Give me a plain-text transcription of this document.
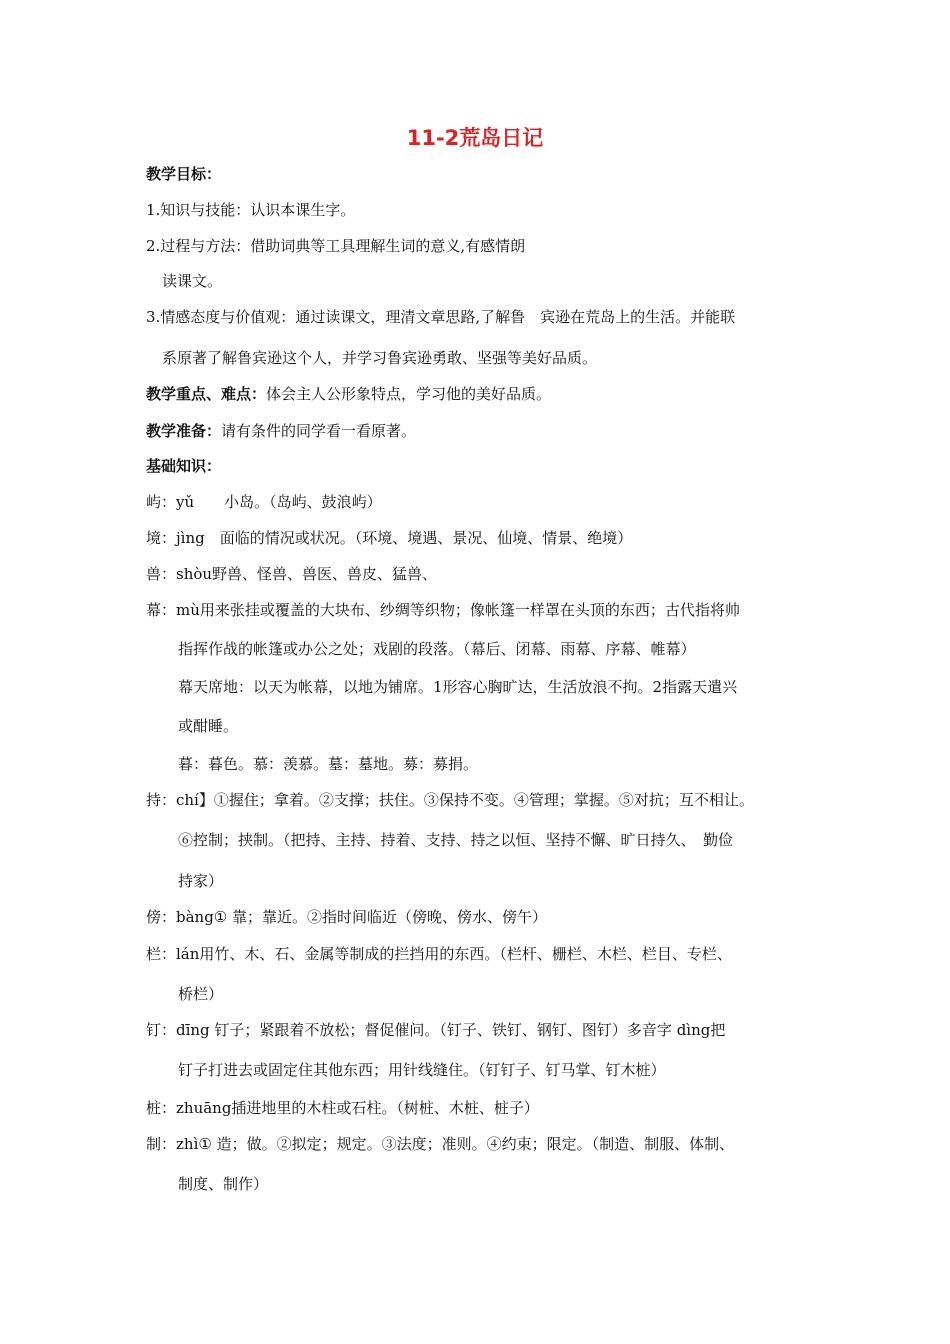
11-2荒岛日记
教学目标：
1.知识与技能：认识本课生字。
2.过程与方法：借助词典等工具理解生词的意义,有感情朗
读课文。
3.情感态度与价值观：通过读课文，理清文章思路,了解鲁　宾逊在荒岛上的生活。并能联
系原著了解鲁宾逊这个人，并学习鲁宾逊勇敢、坚强等美好品质。
教学重点、难点：体会主人公形象特点，学习他的美好品质。
教学准备：请有条件的同学看一看原著。
基础知识：
屿：yǔ　　小岛。（岛屿、鼓浪屿）
境：jìng　面临的情况或状况。（环境、境遇、景况、仙境、情景、绝境）
兽：shòu野兽、怪兽、兽医、兽皮、猛兽、
幕：mù用来张挂或覆盖的大块布、纱绸等织物；像帐篷一样罩在头顶的东西；古代指将帅
指挥作战的帐篷或办公之处；戏剧的段落。（幕后、闭幕、雨幕、序幕、帷幕）
幕天席地：以天为帐幕，以地为铺席。1形容心胸旷达，生活放浪不拘。2指露天遣兴
或酣睡。
暮：暮色。慕：羡慕。墓：墓地。募：募捐。
持：chí】①握住；拿着。②支撑；扶住。③保持不变。④管理；掌握。⑤对抗；互不相让。
⑥控制；挟制。（把持、主持、持着、支持、持之以恒、坚持不懈、旷日持久、　勤俭
持家）
傍：bàng① 靠；靠近。②指时间临近（傍晚、傍水、傍午）
栏：lán用竹、木、石、金属等制成的拦挡用的东西。（栏杆、栅栏、木栏、栏目、专栏、
桥栏）
钉：dīng 钉子；紧跟着不放松；督促催问。（钉子、铁钉、钢钉、图钉）多音字 dìng把
钉子打进去或固定住其他东西；用针线缝住。（钉钉子、钉马掌、钉木桩）
桩：zhuāng插进地里的木柱或石柱。（树桩、木桩、桩子）
制：zhì① 造；做。②拟定；规定。③法度；准则。④约束；限定。（制造、制服、体制、
制度、制作）
